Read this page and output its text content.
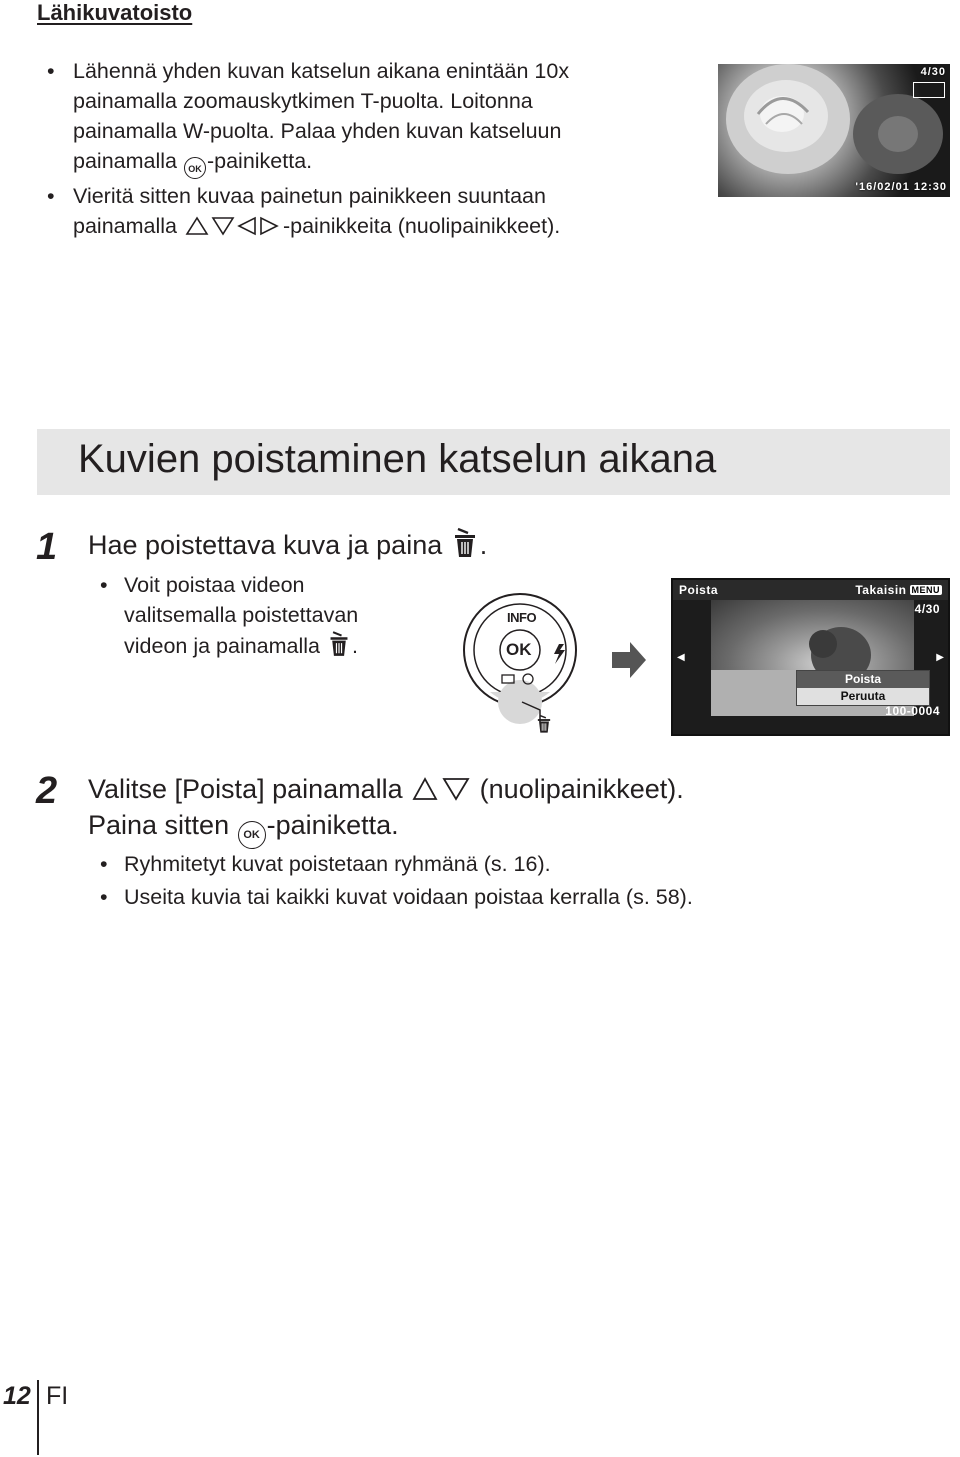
Lähikuvatoisto
• Lähennä yhden kuvan katselun aikana enintään 10x
painamalla zoomauskytkimen T-puolta. Loitonna
painamalla W-puolta. Palaa yhden kuvan katseluun
painamalla OK -painiketta.
• Vieritä sitten kuvaa painetun painikkeen suuntaan
painamalla	-painikkeita (nuolipainikkeet).
4/30
'16/02/01 12:30
Kuvien poistaminen katselun aikana
1 Hae poistettava kuva ja paina .
• Voit poistaa videon
valitsemalla poistettavan
videon ja painamalla .
INFO
OK
Poista	Takaisin MENU
4/30
◀	▶
Poista
Peruuta
100-0004
2 Valitse [Poista] painamalla  (nuolipainikkeet).
Paina sitten OK -painiketta.
• Ryhmitetyt kuvat poistetaan ryhmänä (s. 16).
• Useita kuvia tai kaikki kuvat voidaan poistaa kerralla (s. 58).
12 FI
